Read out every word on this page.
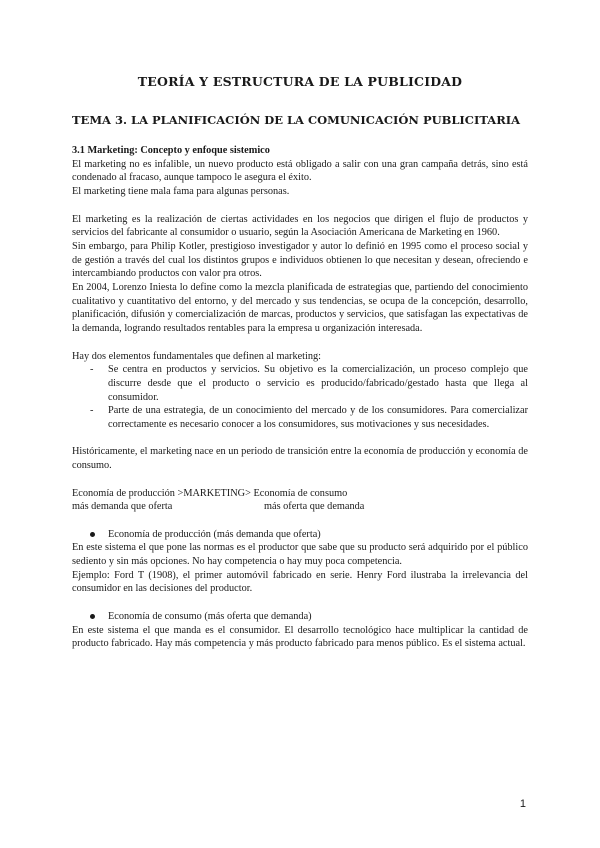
TEORÍA Y ESTRUCTURA DE LA PUBLICIDAD
TEMA 3. LA PLANIFICACIÓN DE LA COMUNICACIÓN PUBLICITARIA

3.1 Marketing: Concepto y enfoque sistemico

El marketing no es infalible, un nuevo producto está obligado a salir con una gran campaña detrás, sino está condenado al fracaso, aunque tampoco le asegura el éxito.

El marketing tiene mala fama para algunas personas.

El marketing es la realización de ciertas actividades en los negocios que dirigen el flujo de productos y servicios del fabricante al consumidor o usuario, según la Asociación Americana de Marketing en 1960.

Sin embargo, para Philip Kotler, prestigioso investigador y autor lo definió en 1995 como el proceso social y de gestión a través del cual los distintos grupos e individuos obtienen lo que necesitan y desean, ofreciendo e intercambiando productos con valor pra otros.

En 2004, Lorenzo Iniesta lo define como la mezcla planificada de estrategias que, partiendo del conocimiento cualitativo y cuantitativo del entorno, y del mercado y sus tendencias, se ocupa de la concepción, desarrollo, planificación, difusión y comercialización de marcas, productos y servicios, que satisfagan las expectativas de la demanda, logrando resultados rentables para la empresa u organización interesada.

Hay dos elementos fundamentales que definen al marketing:

- Se centra en productos y servicios. Su objetivo es la comercialización, un proceso complejo que discurre desde que el producto o servicio es producido/fabricado/gestado hasta que llega al consumidor.
- Parte de una estrategia, de un conocimiento del mercado y de los consumidores. Para comercializar correctamente es necesario conocer a los consumidores, sus motivaciones y sus necesidades.

Históricamente, el marketing nace en un periodo de transición entre la economía de producción y economía de consumo.

Economía de producción >MARKETING> Economía de consumo

más demanda que oferta	más oferta que demanda
Economía de producción (más demanda que oferta)

En este sistema el que pone las normas es el productor que sabe que su producto será adquirido por el público sediento y sin más opciones. No hay competencia o hay muy poca competencia.

Ejemplo: Ford T (1908), el primer automóvil fabricado en serie. Henry Ford ilustraba la irrelevancia del consumidor en las decisiones del productor.

Economía de consumo (más oferta que demanda)

En este sistema el que manda es el consumidor. El desarrollo tecnológico hace multiplicar la cantidad de producto fabricado. Hay más competencia y más producto fabricado para menos público. Es el sistema actual.

1
